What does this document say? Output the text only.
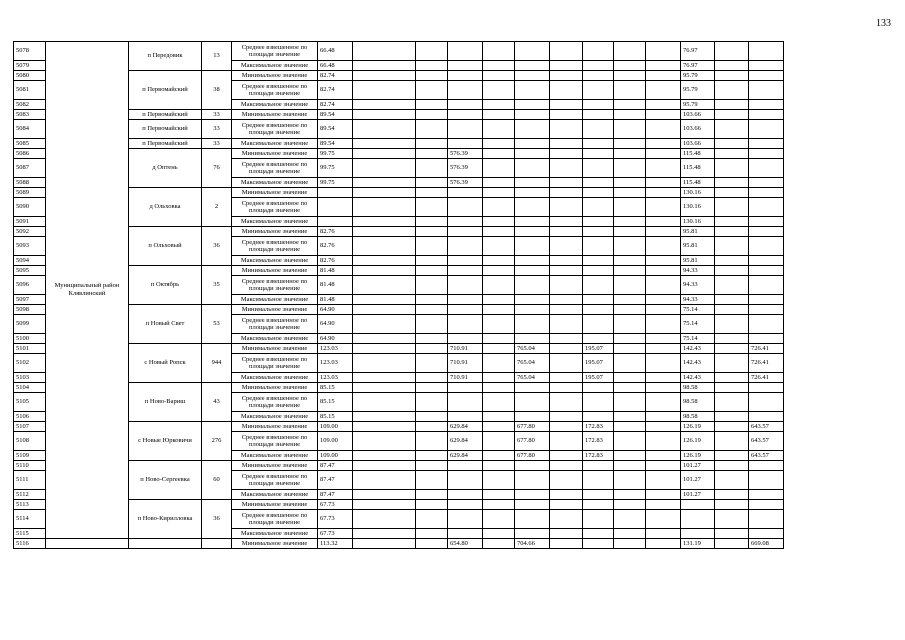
133
5078	Муниципальный район Клявлинский	п Передовик	13	Среднее взвешенное по площади значение	66.48										76.97		
5079				Максимальное значение	66.48										76.97		
5080		п Первомайский	38	Минимальное значение	82.74										95.79		
5081				Среднее взвешенное по площади значение	82.74										95.79		
5082				Максимальное значение	82.74										95.79		
5083		п Первомайский	33	Минимальное значение	89.54										103.66		
5084		п Первомайский	33	Среднее взвешенное по площади значение	89.54										103.66		
5085		п Первомайский	33	Максимальное значение	89.54										103.66		
5086		д Оптень	76	Минимальное значение	99.75			576.39							115.48		
5087				Среднее взвешенное по площади значение	99.75			576.39							115.48		
5088				Максимальное значение	99.75			576.39							115.48		
5089		д Ольховка	2	Минимальное значение											130.16		
5090				Среднее взвешенное по площади значение											130.16		
5091				Максимальное значение											130.16		
5092		п Ольховый	36	Минимальное значение	82.76										95.81		
5093				Среднее взвешенное по площади значение	82.76										95.81		
5094				Максимальное значение	82.76										95.81		
5095		п Октябрь	35	Минимальное значение	81.48										94.33		
5096				Среднее взвешенное по площади значение	81.48										94.33		
5097				Максимальное значение	81.48										94.33		
5098		п Новый Свет	53	Минимальное значение	64.90										75.14		
5099				Среднее взвешенное по площади значение	64.90										75.14		
5100				Максимальное значение	64.90										75.14		
5101		с Новый Ропск	944	Минимальное значение	123.03			710.91		765.04		195.07			142.43		726.41
5102				Среднее взвешенное по площади значение	123.03			710.91		765.04		195.07			142.43		726.41
5103				Максимальное значение	123.03			710.91		765.04		195.07			142.43		726.41
5104		п Ново-Вариш	43	Минимальное значение	85.15										98.58		
5105				Среднее взвешенное по площади значение	85.15										98.58		
5106				Максимальное значение	85.15										98.58		
5107		с Новые Юрковичи	276	Минимальное значение	109.00			629.84		677.80		172.83			126.19		643.57
5108				Среднее взвешенное по площади значение	109.00			629.84		677.80		172.83			126.19		643.57
5109				Максимальное значение	109.00			629.84		677.80		172.83			126.19		643.57
5110		п Ново-Сергеевка	60	Минимальное значение	87.47										101.27		
5111				Среднее взвешенное по площади значение	87.47										101.27		
5112				Максимальное значение	87.47										101.27		
5113		п Ново-Кирилловка	36	Минимальное значение	67.73												
5114				Среднее взвешенное по площади значение	67.73												
5115				Максимальное значение	67.73												
5116				Минимальное значение	113.32			654.80		704.66					131.19		669.08
